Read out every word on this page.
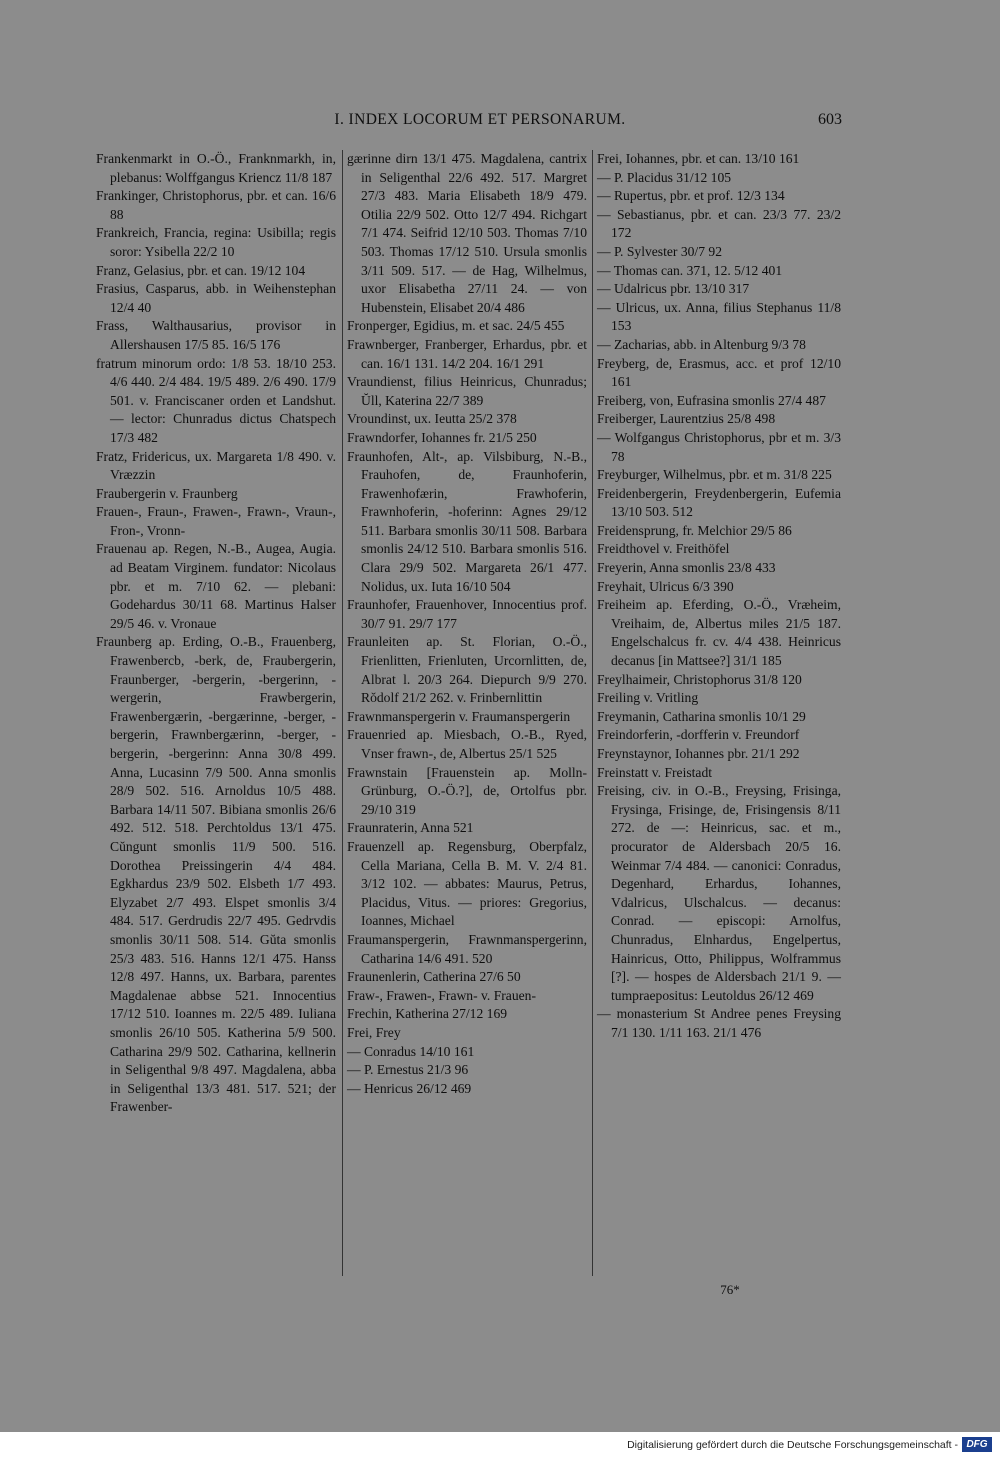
I. INDEX LOCORUM ET PERSONARUM.	603
Frankenmarkt in O.-Ö., Franknmarkh, in, plebanus: Wolffgangus Kriencz 11/8 187
Frankinger, Christophorus, pbr. et can. 16/6 88
Frankreich, Francia, regina: Usibilla; regis soror: Ysibella 22/2 10
Franz, Gelasius, pbr. et can. 19/12 104
Frasius, Casparus, abb. in Weihenstephan 12/4 40
Frass, Walthausarius, provisor in Allershausen 17/5 85. 16/5 176
fratrum minorum ordo: 1/8 53. 18/10 253. 4/6 440. 2/4 484. 19/5 489. 2/6 490. 17/9 501. v. Franciscaner orden et Landshut. — lector: Chunradus dictus Chatspech 17/3 482
Fratz, Fridericus, ux. Margareta 1/8 490. v. Vræzzin
Fraubergerin v. Fraunberg
Frauen-, Fraun-, Frawen-, Frawn-, Vraun-, Fron-, Vronn-
Frauenau ap. Regen, N.-B., Augea, Augia. ad Beatam Virginem. fundator: Nicolaus pbr. et m. 7/10 62. — plebani: Godehardus 30/11 68. Martinus Halser 29/5 46. v. Vronaue
Fraunberg ap. Erding, O.-B., Frauenberg, Frawenbercb, -berk, de, Fraubergerin, Fraunberger, -bergerin, -bergerinn, -wergerin, Frawbergerin, Frawenbergærin, -bergærinne, -berger, -bergerin, Frawnbergærinn, -berger, -bergerin, -bergerinn: Anna 30/8 499. Anna, Lucasinn 7/9 500. Anna smonlis 28/9 502. 516. Arnoldus 10/5 488. Barbara 14/11 507. Bibiana smonlis 26/6 492. 512. 518. Perchtoldus 13/1 475. Cŭngunt smonlis 11/9 500. 516. Dorothea Preissingerin 4/4 484. Egkhardus 23/9 502. Elsbeth 1/7 493. Elyzabet 2/7 493. Elspet smonlis 3/4 484. 517. Gerdrudis 22/7 495. Gedrvdis smonlis 30/11 508. 514. Gŭta smonlis 25/3 483. 516. Hanns 12/1 475. Hanss 12/8 497. Hanns, ux. Barbara, parentes Magdalenae abbse 521. Innocentius 17/12 510. Ioannes m. 22/5 489. Iuliana smonlis 26/10 505. Katherina 5/9 500. Catharina 29/9 502. Catharina, kellnerin in Seligenthal 9/8 497. Magdalena, abba in Seligenthal 13/3 481. 517. 521; der Frawenber-
gærinne dirn 13/1 475. Magdalena, cantrix in Seligenthal 22/6 492. 517. Margret 27/3 483. Maria Elisabeth 18/9 479. Otilia 22/9 502. Otto 12/7 494. Richgart 7/1 474. Seifrid 12/10 503. Thomas 7/10 503. Thomas 17/12 510. Ursula smonlis 3/11 509. 517. — de Hag, Wilhelmus, uxor Elisabetha 27/11 24. — von Hubenstein, Elisabet 20/4 486
Fronperger, Egidius, m. et sac. 24/5 455
Frawnberger, Franberger, Erhardus, pbr. et can. 16/1 131. 14/2 204. 16/1 291
Vraundienst, filius Heinricus, Chunradus; Ŭll, Katerina 22/7 389
Vroundinst, ux. Ieutta 25/2 378
Frawndorfer, Iohannes fr. 21/5 250
Fraunhofen, Alt-, ap. Vilsbiburg, N.-B., Frauhofen, de, Fraunhoferin, Frawenhofærin, Frawhoferin, Frawnhoferin, -hoferinn: Agnes 29/12 511. Barbara smonlis 30/11 508. Barbara smonlis 24/12 510. Barbara smonlis 516. Clara 29/9 502. Margareta 26/1 477. Nolidus, ux. Iuta 16/10 504
Fraunhofer, Frauenhover, Innocentius prof. 30/7 91. 29/7 177
Fraunleiten ap. St. Florian, O.-Ö., Frienlitten, Frienluten, Urcornlitten, de, Albrat l. 20/3 264. Diepurch 9/9 270. Rŏdolf 21/2 262. v. Frinbernlittin
Frawnmanspergerin v. Fraumanspergerin
Frauenried ap. Miesbach, O.-B., Ryed, Vnser frawn-, de, Albertus 25/1 525
Frawnstain [Frauenstein ap. Molln-Grünburg, O.-Ö.?], de, Ortolfus pbr. 29/10 319
Fraunraterin, Anna 521
Frauenzell ap. Regensburg, Oberpfalz, Cella Mariana, Cella B. M. V. 2/4 81. 3/12 102. — abbates: Maurus, Petrus, Placidus, Vitus. — priores: Gregorius, Ioannes, Michael
Fraumanspergerin, Frawnmanspergerinn, Catharina 14/6 491. 520
Fraunenlerin, Catherina 27/6 50
Fraw-, Frawen-, Frawn- v. Frauen-
Frechin, Katherina 27/12 169
Frei, Frey
— Conradus 14/10 161
— P. Ernestus 21/3 96
— Henricus 26/12 469
Frei, Iohannes, pbr. et can. 13/10 161
— P. Placidus 31/12 105
— Rupertus, pbr. et prof. 12/3 134
— Sebastianus, pbr. et can. 23/3 77. 23/2 172
— P. Sylvester 30/7 92
— Thomas can. 371, 12. 5/12 401
— Udalricus pbr. 13/10 317
— Ulricus, ux. Anna, filius Stephanus 11/8 153
— Zacharias, abb. in Altenburg 9/3 78
Freyberg, de, Erasmus, acc. et prof 12/10 161
Freiberg, von, Eufrasina smonlis 27/4 487
Freiberger, Laurentzius 25/8 498
— Wolfgangus Christophorus, pbr et m. 3/3 78
Freyburger, Wilhelmus, pbr. et m. 31/8 225
Freidenbergerin, Freydenbergerin, Eufemia 13/10 503. 512
Freidensprung, fr. Melchior 29/5 86
Freidthovel v. Freithöfel
Freyerin, Anna smonlis 23/8 433
Freyhait, Ulricus 6/3 390
Freiheim ap. Eferding, O.-Ö., Vræheim, Vreihaim, de, Albertus miles 21/5 187. Engelschalcus fr. cv. 4/4 438. Heinricus decanus [in Mattsee?] 31/1 185
Freylhaimeir, Christophorus 31/8 120
Freiling v. Vritling
Freymanin, Catharina smonlis 10/1 29
Freindorferin, -dorfferin v. Freundorf
Freynstaynor, Iohannes pbr. 21/1 292
Freinstatt v. Freistadt
Freising, civ. in O.-B., Freysing, Frisinga, Frysinga, Frisinge, de, Frisingensis 8/11 272. de —: Heinricus, sac. et m., procurator de Aldersbach 20/5 16. Weinmar 7/4 484. — canonici: Conradus, Degenhard, Erhardus, Iohannes, Vdalricus, Ulschalcus. — decanus: Conrad. — episcopi: Arnolfus, Chunradus, Elnhardus, Engelpertus, Hainricus, Otto, Philippus, Wolframmus [?]. — hospes de Aldersbach 21/1 9. — tumpraepositus: Leutoldus 26/12 469
— monasterium St Andree penes Freysing 7/1 130. 1/11 163. 21/1 476
76*
Digitalisierung gefördert durch die Deutsche Forschungsgemeinschaft - DFG
